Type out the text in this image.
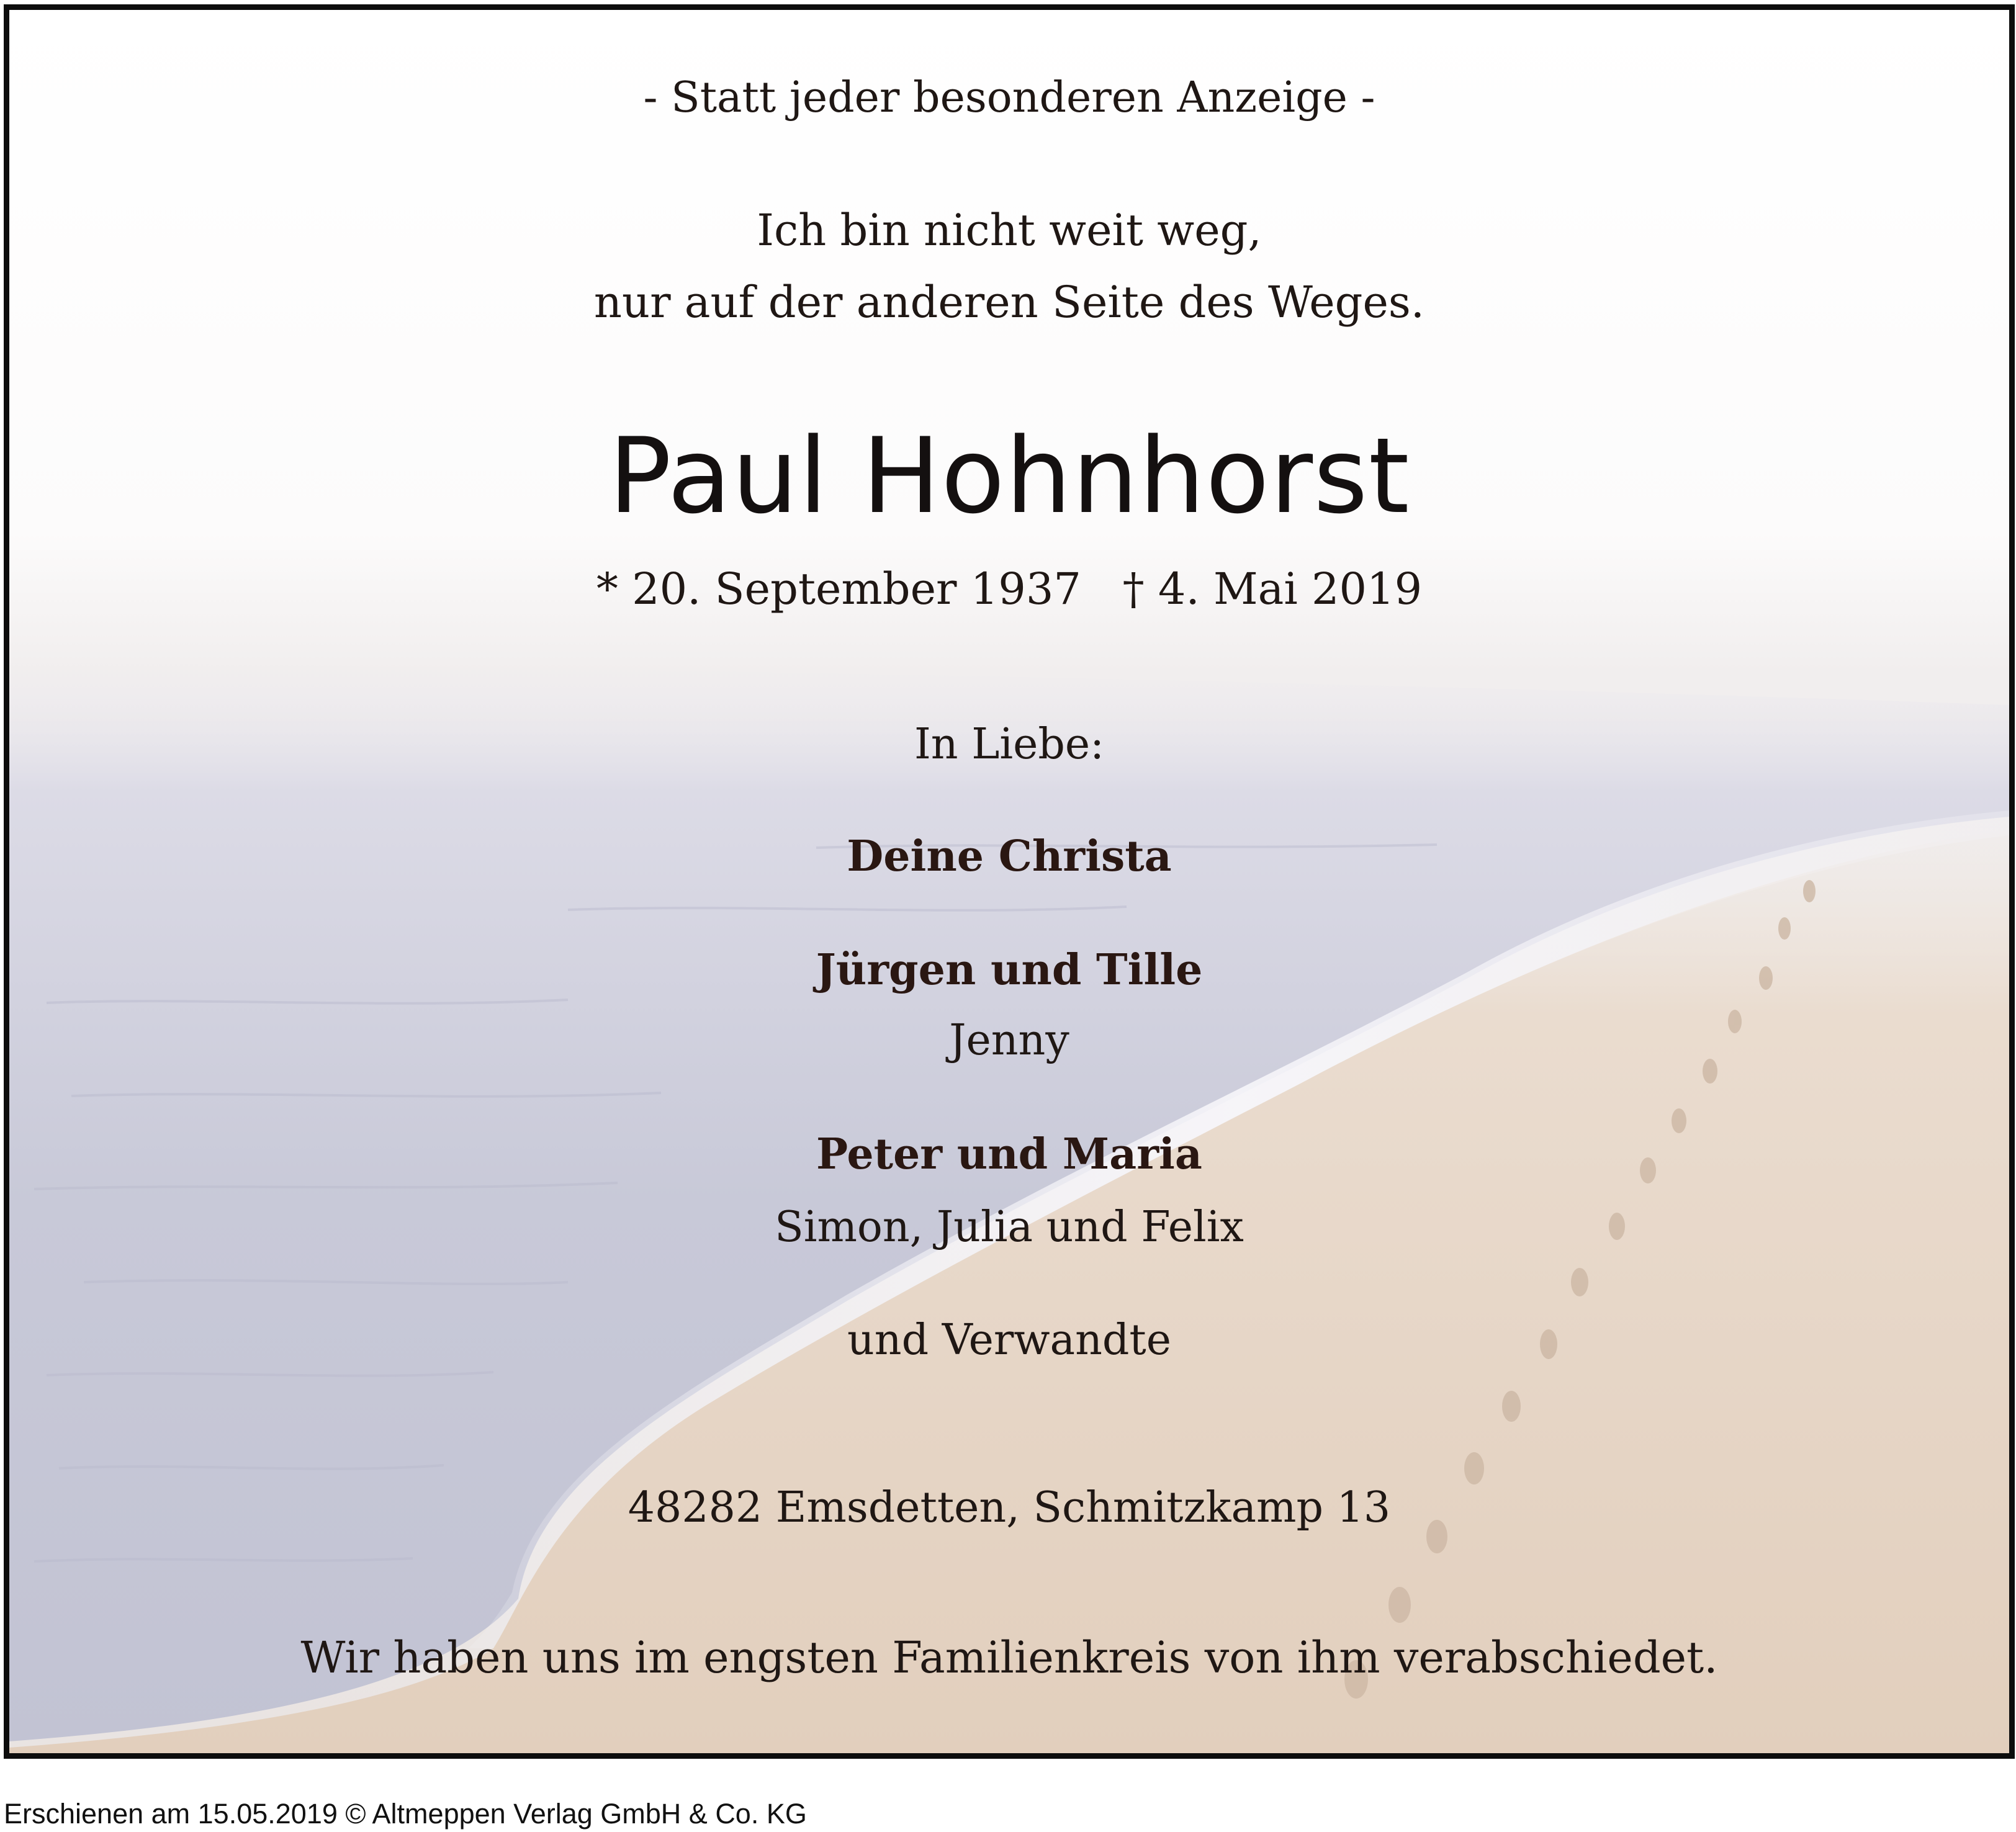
- Statt jeder besonderen Anzeige -
Ich bin nicht weit weg,
nur auf der anderen Seite des Weges.
Paul Hohnhorst
* 20. September 1937   † 4. Mai 2019
In Liebe:
Deine Christa
Jürgen und Tille
Jenny
Peter und Maria
Simon, Julia und Felix
und Verwandte
48282 Emsdetten, Schmitzkamp 13
Wir haben uns im engsten Familienkreis von ihm verabschiedet.
Erschienen am 15.05.2019 © Altmeppen Verlag GmbH & Co. KG
